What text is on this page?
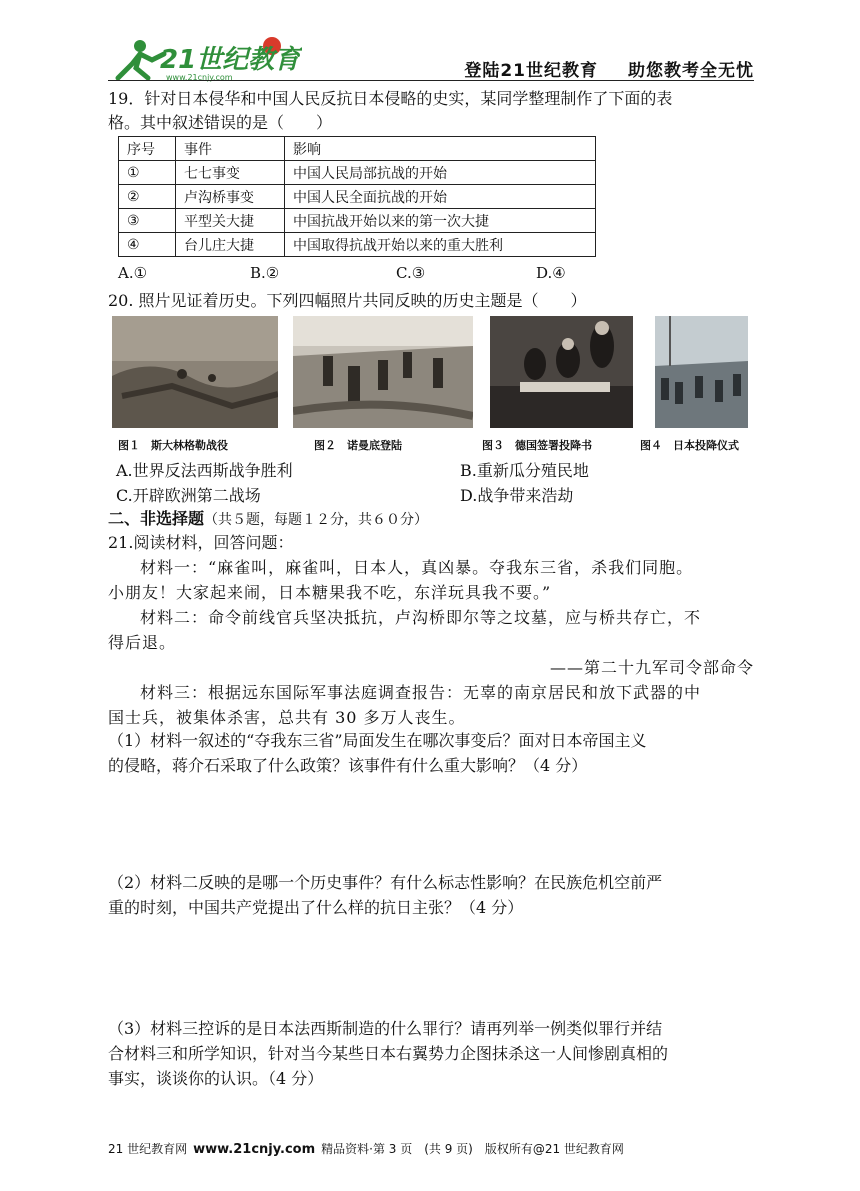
21世纪教育
www.21cnjy.com	登陆21世纪教育 助您教考全无忧
19．针对日本侵华和中国人民反抗日本侵略的史实，某同学整理制作了下面的表
格。其中叙述错误的是（　　）
序号	事件	影响
①	七七事变	中国人民局部抗战的开始
②	卢沟桥事变	中国人民全面抗战的开始
③	平型关大捷	中国抗战开始以来的第一次大捷
④	台儿庄大捷	中国取得抗战开始以来的重大胜利
A.①	B.②	C.③	D.④
20. 照片见证着历史。下列四幅照片共同反映的历史主题是（　　）
图１　斯大林格勒战役	图２　诺曼底登陆	图３　德国签署投降书	图４　日本投降仪式
A.世界反法西斯战争胜利	B.重新瓜分殖民地
C.开辟欧洲第二战场	D.战争带来浩劫
二、非选择题（共５题，每题１２分，共６０分）
21.阅读材料，回答问题：
材料一：“麻雀叫，麻雀叫，日本人，真凶暴。夺我东三省，杀我们同胞。
小朋友！大家起来闹，日本糖果我不吃，东洋玩具我不要。”
材料二：命令前线官兵坚决抵抗，卢沟桥即尔等之坟墓，应与桥共存亡，不
得后退。
——第二十九军司令部命令
材料三：根据远东国际军事法庭调查报告：无辜的南京居民和放下武器的中
国士兵，被集体杀害，总共有 30 多万人丧生。
（1）材料一叙述的“夺我东三省”局面发生在哪次事变后？面对日本帝国主义
的侵略，蒋介石采取了什么政策？该事件有什么重大影响？（4 分）
（2）材料二反映的是哪一个历史事件？有什么标志性影响？在民族危机空前严
重的时刻，中国共产党提出了什么样的抗日主张？（4 分）
（3）材料三控诉的是日本法西斯制造的什么罪行？请再列举一例类似罪行并结
合材料三和所学知识，针对当今某些日本右翼势力企图抹杀这一人间惨剧真相的
事实，谈谈你的认识。（4 分）
21 世纪教育网 www.21cnjy.com 精品资料·第 3 页　(共 9 页)　版权所有@21 世纪教育网
